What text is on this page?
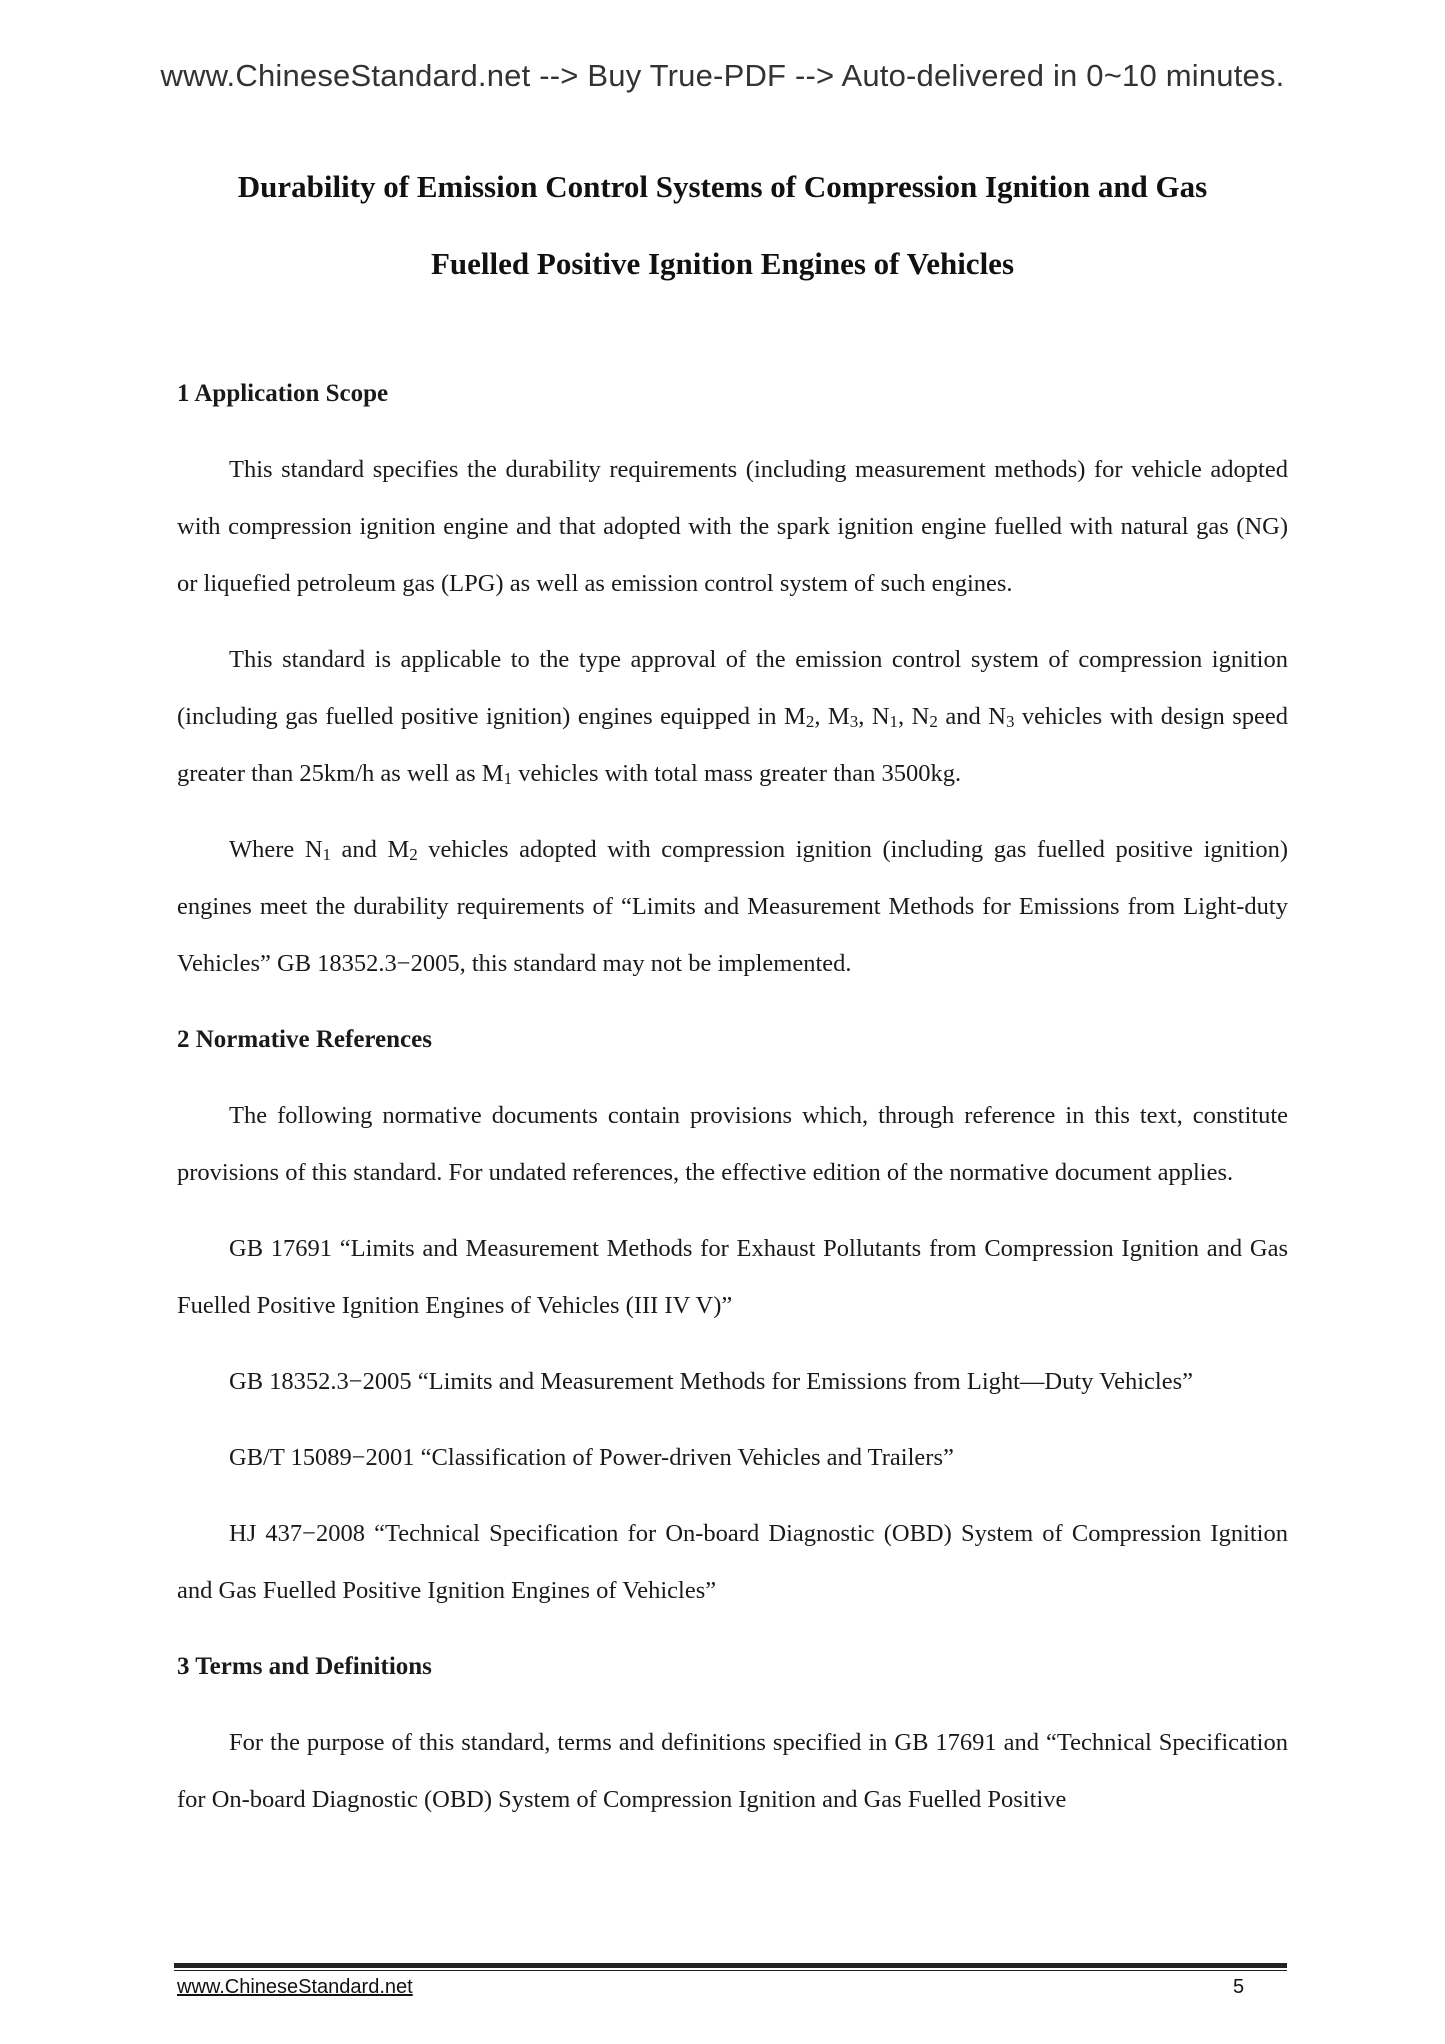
www.ChineseStandard.net --> Buy True-PDF --> Auto-delivered in 0~10 minutes.
Durability of Emission Control Systems of Compression Ignition and Gas
Fuelled Positive Ignition Engines of Vehicles
1 Application Scope

This standard specifies the durability requirements (including measurement methods) for vehicle adopted with compression ignition engine and that adopted with the spark ignition engine fuelled with natural gas (NG) or liquefied petroleum gas (LPG) as well as emission control system of such engines.

This standard is applicable to the type approval of the emission control system of compression ignition (including gas fuelled positive ignition) engines equipped in $M_2$, $M_3$, $N_1$, $N_2$ and $N_3$ vehicles with design speed greater than 25km/h as well as $M_1$ vehicles with total mass greater than 3500kg.

Where $N_1$ and $M_2$ vehicles adopted with compression ignition (including gas fuelled positive ignition) engines meet the durability requirements of “Limits and Measurement Methods for Emissions from Light-duty Vehicles” GB 18352.3−2005, this standard may not be implemented.

2 Normative References

The following normative documents contain provisions which, through reference in this text, constitute provisions of this standard. For undated references, the effective edition of the normative document applies.

GB 17691 “Limits and Measurement Methods for Exhaust Pollutants from Compression Ignition and Gas Fuelled Positive Ignition Engines of Vehicles (III IV V)”

GB 18352.3−2005 “Limits and Measurement Methods for Emissions from Light—Duty Vehicles”

GB/T 15089−2001 “Classification of Power-driven Vehicles and Trailers”

HJ 437−2008 “Technical Specification for On-board Diagnostic (OBD) System of Compression Ignition and Gas Fuelled Positive Ignition Engines of Vehicles”

3 Terms and Definitions

For the purpose of this standard, terms and definitions specified in GB 17691 and “Technical Specification for On-board Diagnostic (OBD) System of Compression Ignition and Gas Fuelled Positive

www.ChineseStandard.net	5
